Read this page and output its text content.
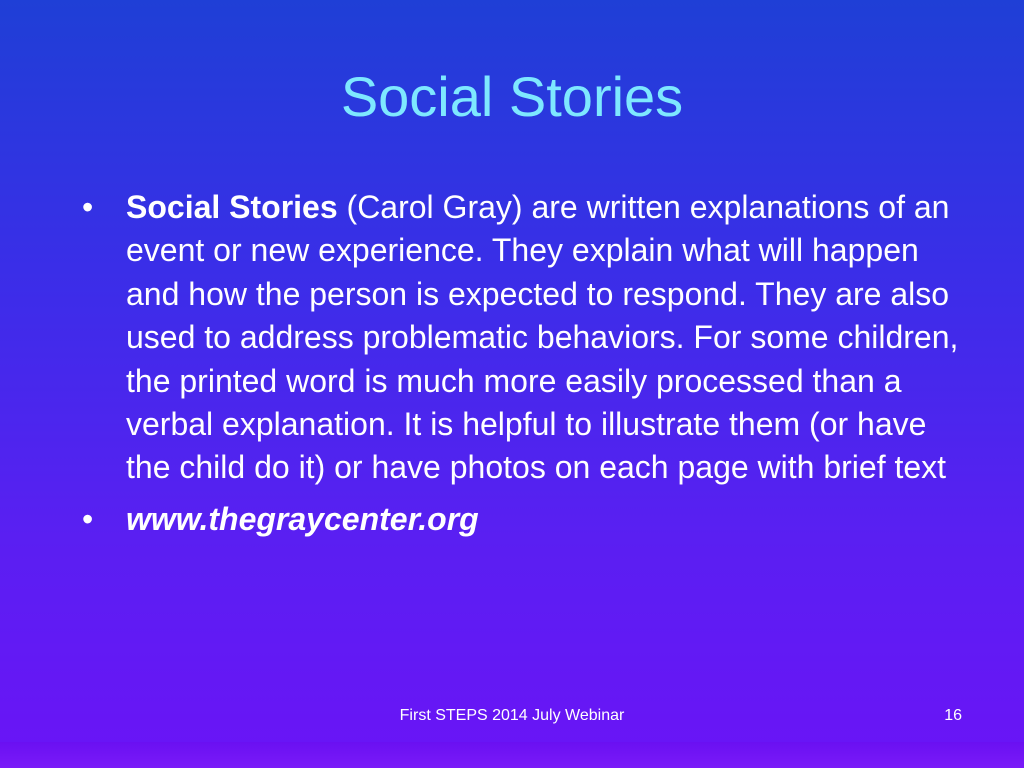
Social Stories
•	Social Stories (Carol Gray) are written explanations of an event or new experience. They explain what will happen and how the person is expected to respond. They are also used to address problematic behaviors. For some children, the printed word is much more easily processed than a verbal explanation. It is helpful to illustrate them (or have the child do it) or have photos on each page with brief text
•	www.thegraycenter.org
First STEPS 2014 July Webinar	16
